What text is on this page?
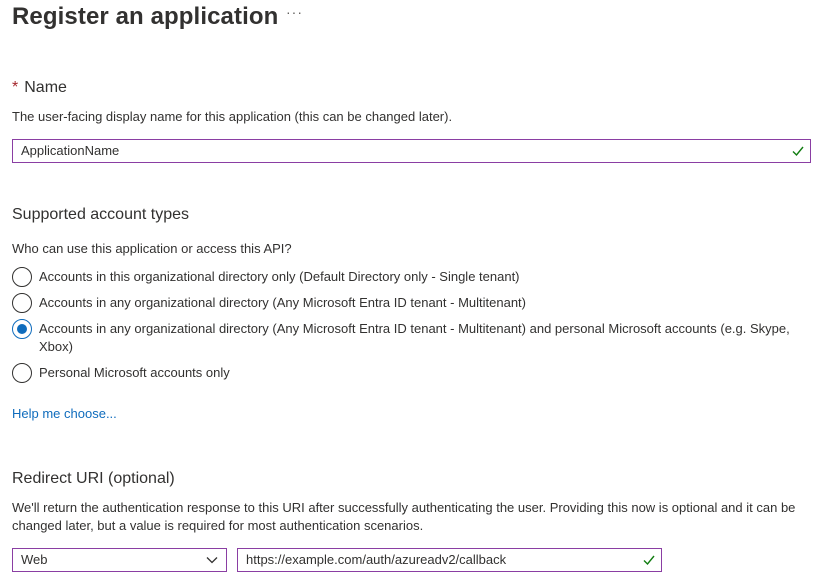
Register an application ···
* Name
The user-facing display name for this application (this can be changed later).
ApplicationName
Supported account types
Who can use this application or access this API?
Accounts in this organizational directory only (Default Directory only - Single tenant)
Accounts in any organizational directory (Any Microsoft Entra ID tenant - Multitenant)
Accounts in any organizational directory (Any Microsoft Entra ID tenant - Multitenant) and personal Microsoft accounts (e.g. Skype, Xbox)
Personal Microsoft accounts only
Help me choose...
Redirect URI (optional)
We'll return the authentication response to this URI after successfully authenticating the user. Providing this now is optional and it can be changed later, but a value is required for most authentication scenarios.
Web	https://example.com/auth/azureadv2/callback
